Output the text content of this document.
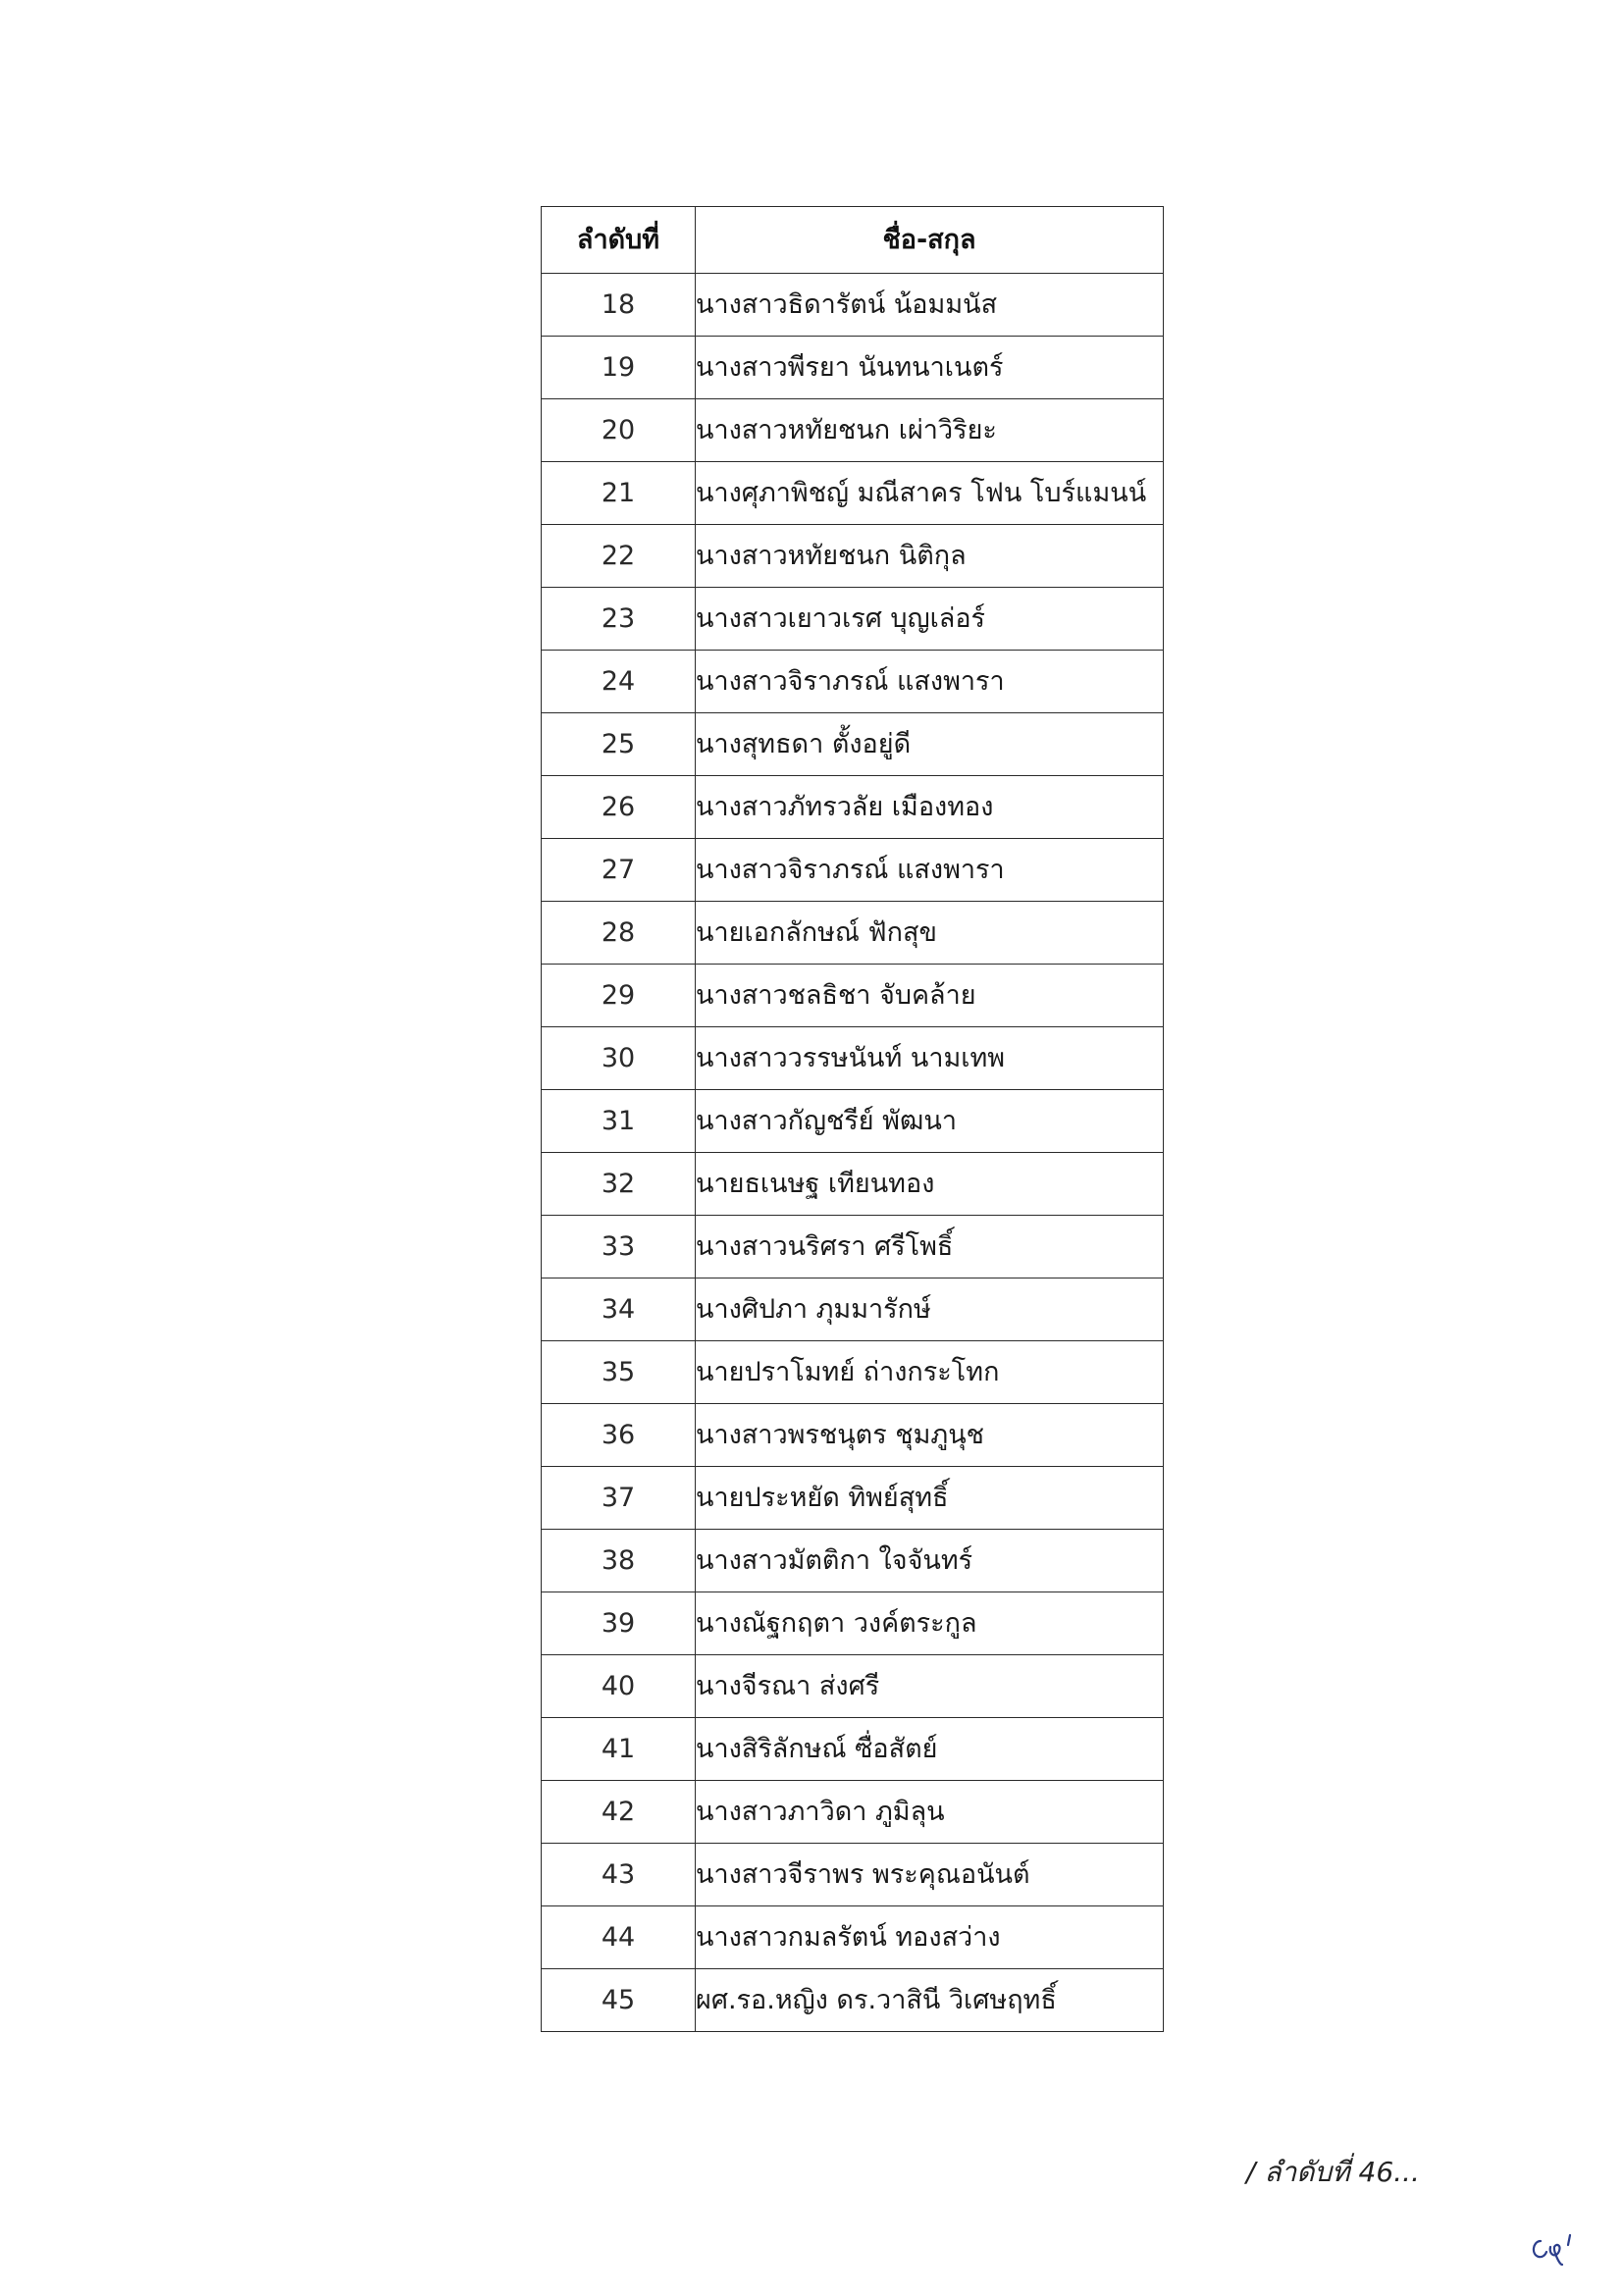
ลำดับที่	ชื่อ-สกุล
18	นางสาวธิดารัตน์ น้อมมนัส
19	นางสาวพีรยา นันทนาเนตร์
20	นางสาวหทัยชนก เผ่าวิริยะ
21	นางศุภาพิชญ์ มณีสาคร โฟน โบร์แมนน์
22	นางสาวหทัยชนก นิติกุล
23	นางสาวเยาวเรศ บุญเล่อร์
24	นางสาวจิราภรณ์ แสงพารา
25	นางสุทธดา ตั้งอยู่ดี
26	นางสาวภัทรวลัย เมืองทอง
27	นางสาวจิราภรณ์ แสงพารา
28	นายเอกลักษณ์ ฟักสุข
29	นางสาวชลธิชา จับคล้าย
30	นางสาววรรษนันท์ นามเทพ
31	นางสาวกัญชรีย์ พัฒนา
32	นายธเนษฐ เทียนทอง
33	นางสาวนริศรา ศรีโพธิ์
34	นางศิปภา ภุมมารักษ์
35	นายปราโมทย์ ถ่างกระโทก
36	นางสาวพรชนุตร ชุมภูนุช
37	นายประหยัด ทิพย์สุทธิ์
38	นางสาวมัตติกา ใจจันทร์
39	นางณัฐกฤตา วงค์ตระกูล
40	นางจีรณา ส่งศรี
41	นางสิริลักษณ์ ซื่อสัตย์
42	นางสาวภาวิดา ภูมิลุน
43	นางสาวจีราพร พระคุณอนันต์
44	นางสาวกมลรัตน์ ทองสว่าง
45	ผศ.รอ.หญิง ดร.วาสินี วิเศษฤทธิ์
/ ลำดับที่ 46...
